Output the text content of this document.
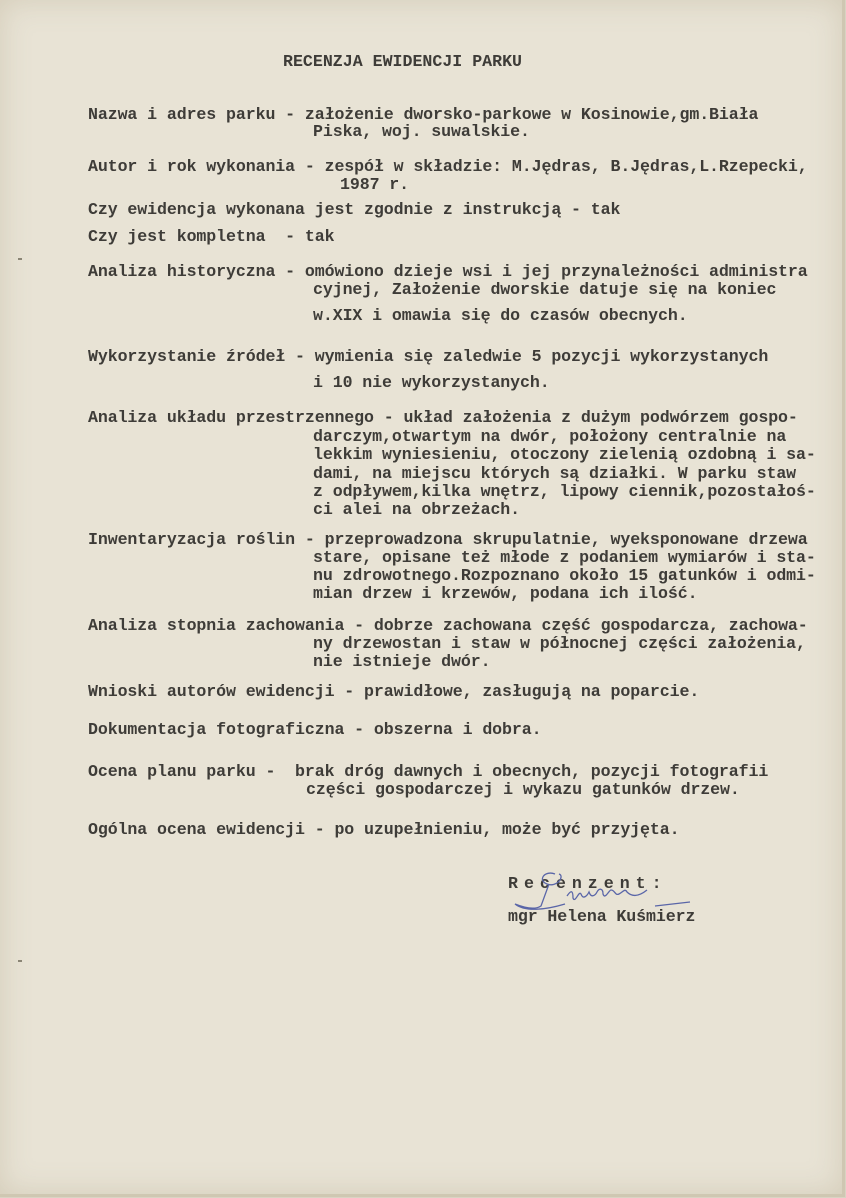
RECENZJA EWIDENCJI PARKU
Nazwa i adres parku - założenie dworsko-parkowe w Kosinowie,gm.Biała
Piska, woj. suwalskie.
Autor i rok wykonania - zespół w składzie: M.Jędras, B.Jędras,L.Rzepecki,
1987 r.
Czy ewidencja wykonana jest zgodnie z instrukcją - tak
Czy jest kompletna  - tak
Analiza historyczna - omówiono dzieje wsi i jej przynależności administra
cyjnej, Założenie dworskie datuje się na koniec
w.XIX i omawia się do czasów obecnych.
Wykorzystanie źródeł - wymienia się zaledwie 5 pozycji wykorzystanych
i 10 nie wykorzystanych.
Analiza układu przestrzennego - układ założenia z dużym podwórzem gospo-
darczym,otwartym na dwór, położony centralnie na
lekkim wyniesieniu, otoczony zielenią ozdobną i sa-
dami, na miejscu których są działki. W parku staw
z odpływem,kilka wnętrz, lipowy ciennik,pozostałoś-
ci alei na obrzeżach.
Inwentaryzacja roślin - przeprowadzona skrupulatnie, wyeksponowane drzewa
stare, opisane też młode z podaniem wymiarów i sta-
nu zdrowotnego.Rozpoznano około 15 gatunków i odmi-
mian drzew i krzewów, podana ich ilość.
Analiza stopnia zachowania - dobrze zachowana część gospodarcza, zachowa-
ny drzewostan i staw w północnej części założenia,
nie istnieje dwór.
Wnioski autorów ewidencji - prawidłowe, zasługują na poparcie.
Dokumentacja fotograficzna - obszerna i dobra.
Ocena planu parku -  brak dróg dawnych i obecnych, pozycji fotografii
części gospodarczej i wykazu gatunków drzew.
Ogólna ocena ewidencji - po uzupełnieniu, może być przyjęta.
Recenzent:
mgr Helena Kuśmierz
